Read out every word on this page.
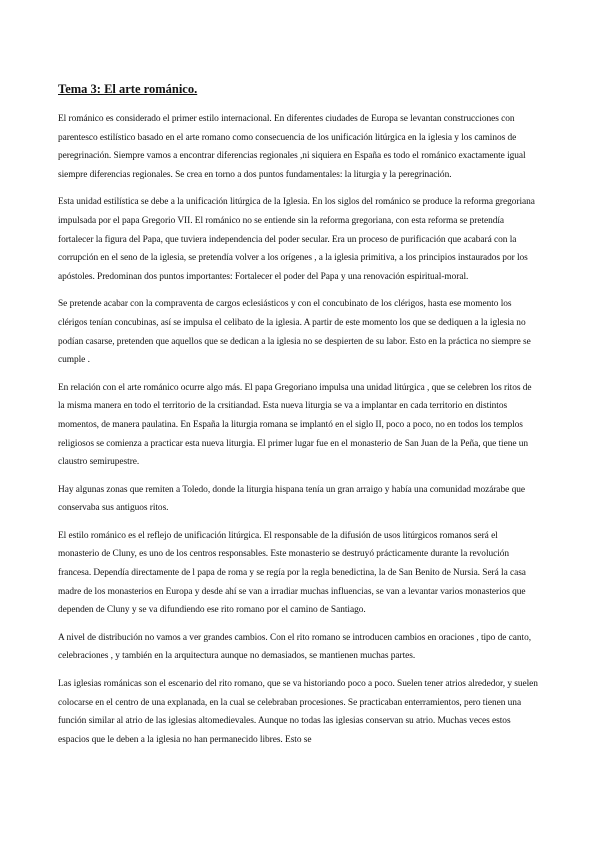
Tema 3: El arte románico.

El románico es considerado el primer estilo internacional. En diferentes ciudades de Europa se levantan construcciones con parentesco estilístico basado en el arte romano como consecuencia de los unificación litúrgica en la iglesia y los caminos de peregrinación. Siempre vamos a encontrar diferencias regionales ,ni siquiera en España es todo el románico exactamente igual siempre diferencias regionales. Se crea en torno a dos puntos fundamentales: la liturgia y la peregrinación.

Esta unidad estilística se debe a la unificación litúrgica de la Iglesia. En los siglos del románico se produce la reforma gregoriana impulsada por el papa Gregorio VII. El románico no se entiende sin la reforma gregoriana, con esta reforma se pretendía fortalecer la figura del Papa, que tuviera independencia del poder secular. Era un proceso de purificación que acabará con la corrupción en el seno de la iglesia, se pretendía volver a los orígenes , a la iglesia primitiva, a los principios instaurados por los apóstoles. Predominan dos puntos importantes: Fortalecer el poder del Papa y una renovación espiritual-moral.

Se pretende acabar con la compraventa de cargos eclesiásticos y con el concubinato de los clérigos, hasta ese momento los clérigos tenían concubinas, así se impulsa el celibato de la iglesia. A partir de este momento los que se dediquen a la iglesia no podían casarse, pretenden que aquellos que se dedican a la iglesia no se despierten de su labor. Esto en la práctica no siempre se cumple .

En relación con el arte románico ocurre algo más. El papa Gregoriano impulsa una unidad litúrgica , que se celebren los ritos de la misma manera en todo el territorio de la crsitiandad. Esta nueva liturgia se va a implantar en cada territorio en distintos momentos, de manera paulatina. En España la liturgia romana se implantó en el siglo II, poco a poco, no en todos los templos religiosos se comienza a practicar esta nueva liturgia. El primer lugar fue en el monasterio de San Juan de la Peña, que tiene un claustro semirupestre.

Hay algunas zonas que remiten a Toledo, donde la liturgia hispana tenía un gran arraigo y había una comunidad mozárabe que conservaba sus antiguos ritos.

El estilo románico es el reflejo de unificación litúrgica. El responsable de la difusión de usos litúrgicos romanos será el monasterio de Cluny, es uno de los centros responsables. Este monasterio se destruyó prácticamente durante la revolución francesa. Dependía directamente de l papa de roma y se regía por la regla benedictina, la de San Benito de Nursia. Será la casa madre de los monasterios en Europa y desde ahí se van a irradiar muchas influencias, se van a levantar varios monasterios que dependen de Cluny y se va difundiendo ese rito romano por el camino de Santiago.

A nivel de distribución no vamos a ver grandes cambios. Con el rito romano se introducen cambios en oraciones , tipo de canto, celebraciones , y también en la arquitectura aunque no demasiados, se mantienen muchas partes.

Las iglesias románicas son el escenario del rito romano, que se va historiando poco a poco. Suelen tener atrios alrededor, y suelen colocarse en el centro de una explanada, en la cual se celebraban procesiones. Se practicaban enterramientos, pero tienen una función similar al atrio de las iglesias altomedievales. Aunque no todas las iglesias conservan su atrio. Muchas veces estos espacios que le deben a la iglesia no han permanecido libres. Esto se
